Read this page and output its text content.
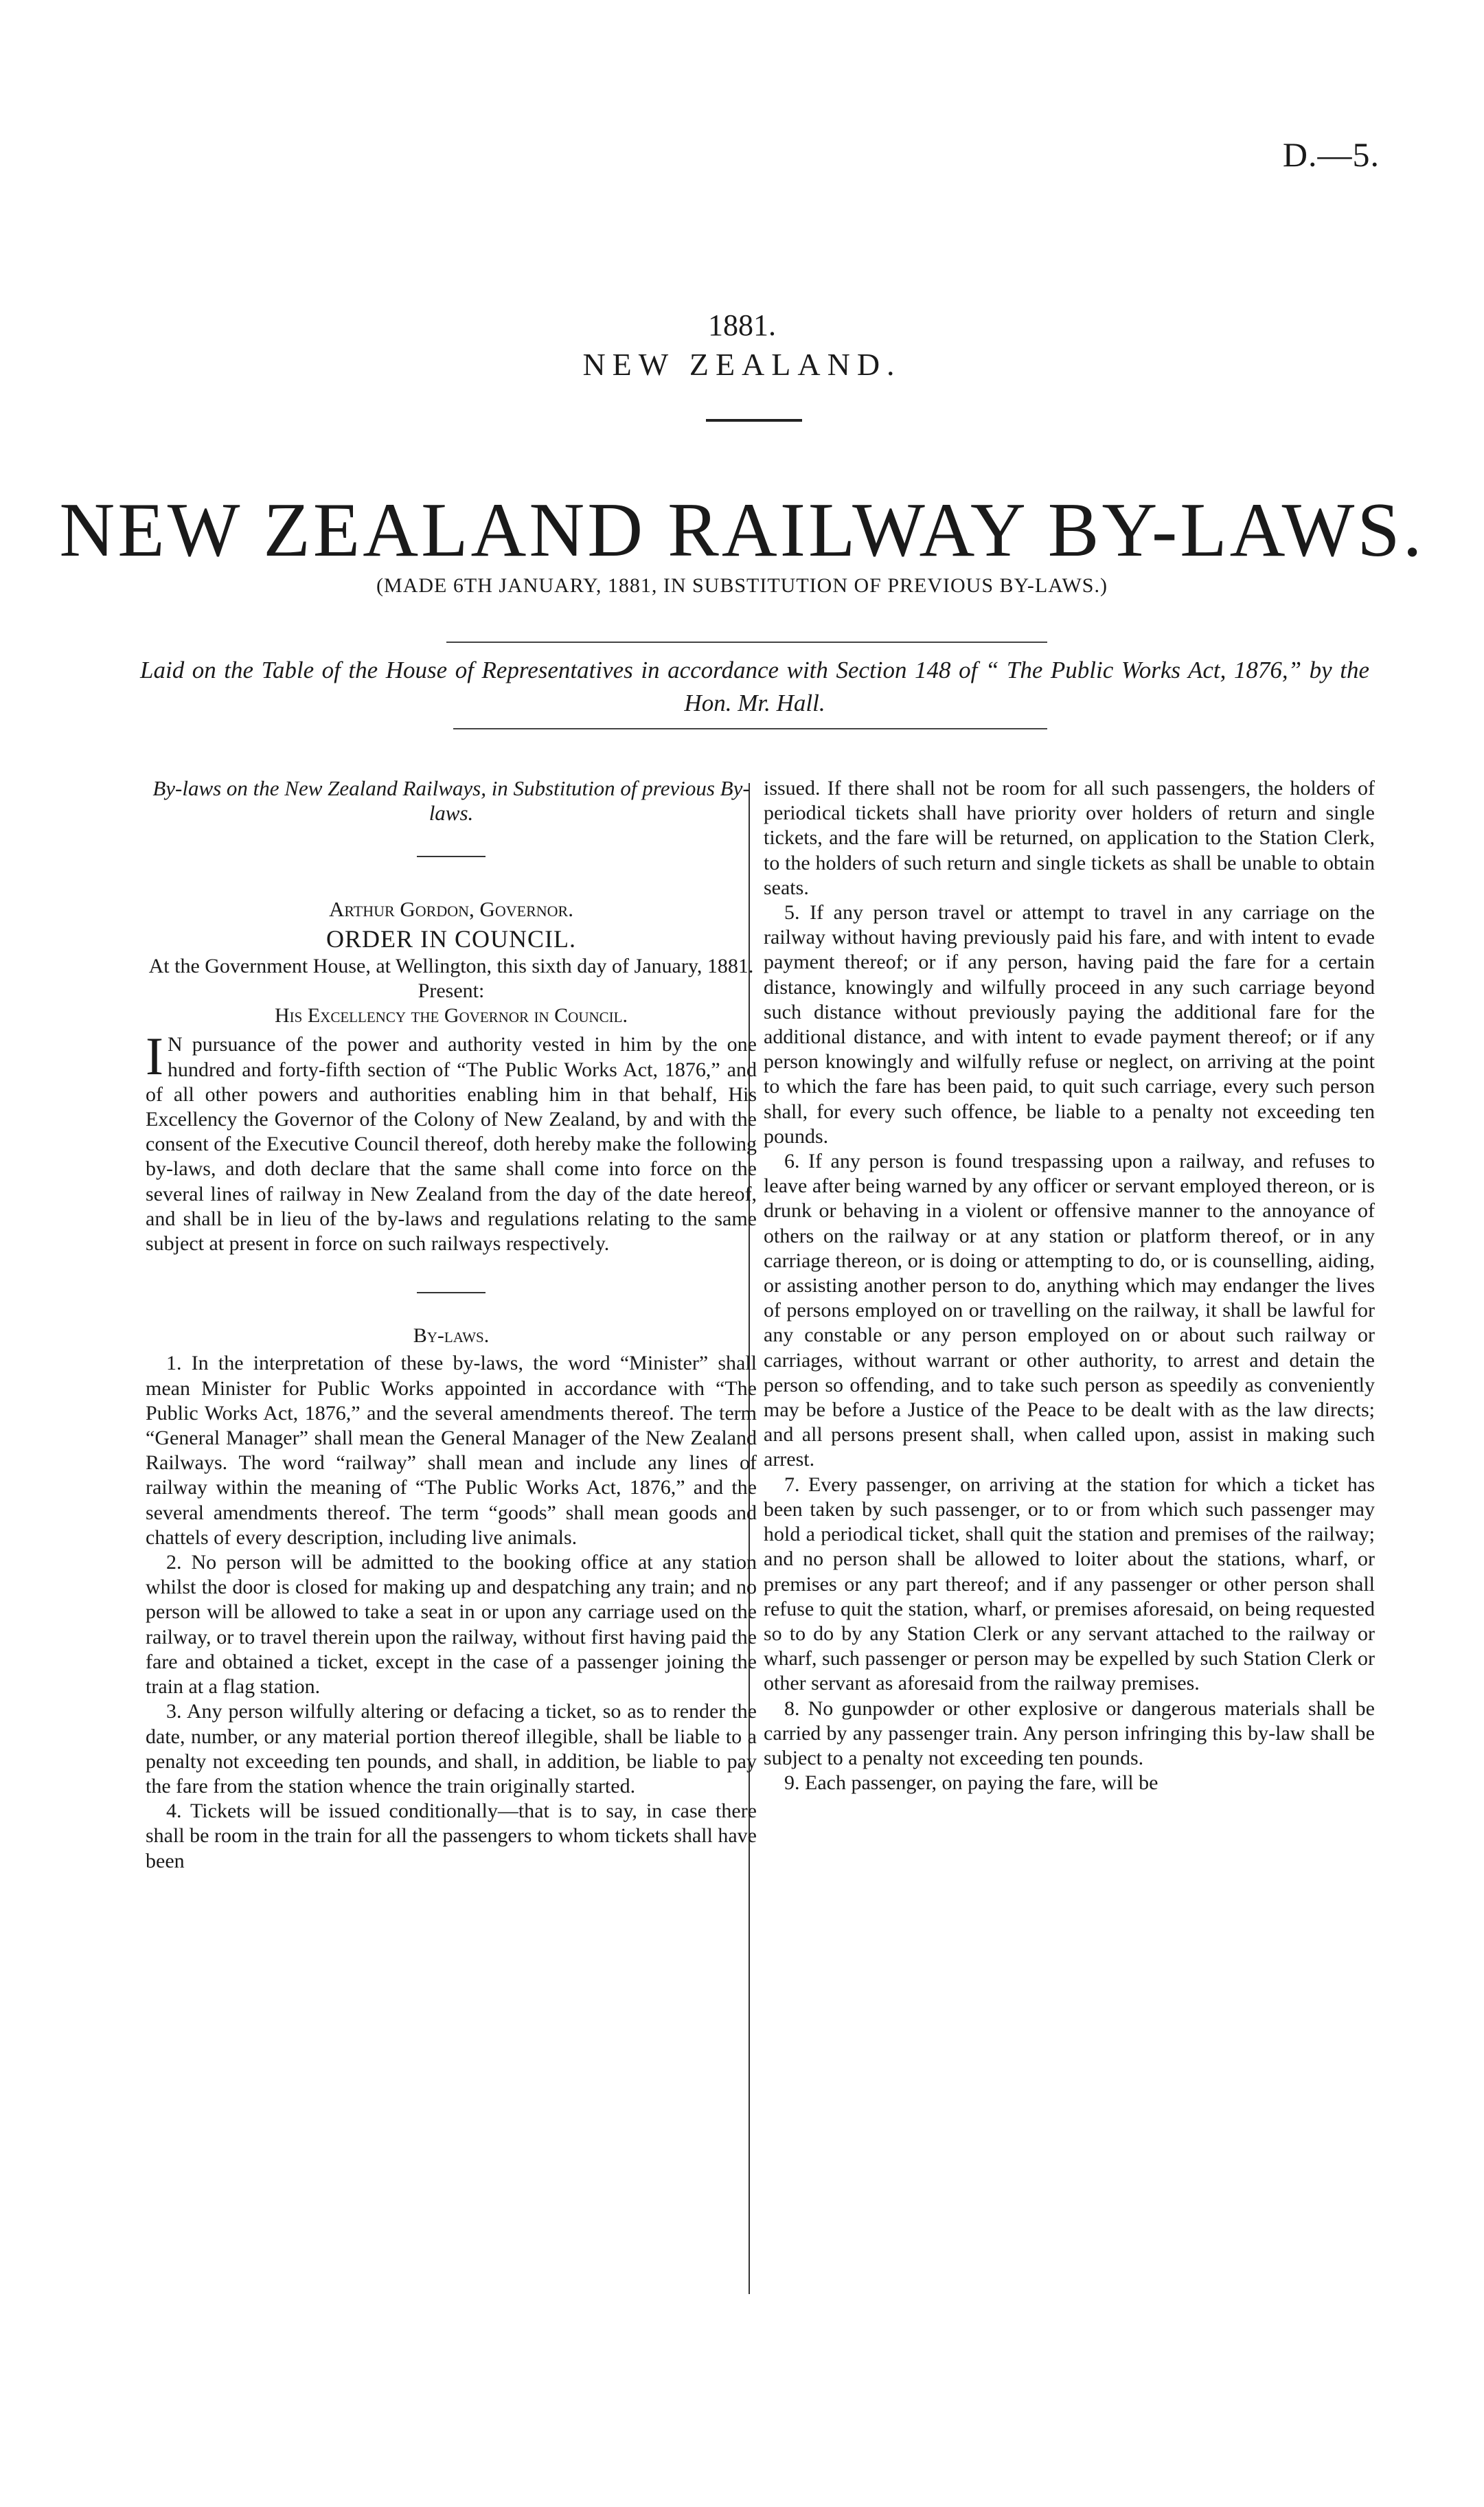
D.—5.
1881.
NEW ZEALAND.
NEW ZEALAND RAILWAY BY-LAWS.
(MADE 6TH JANUARY, 1881, IN SUBSTITUTION OF PREVIOUS BY-LAWS.)
Laid on the Table of the House of Representatives in accordance with Section 148 of “ The Public Works Act, 1876,” by the Hon. Mr. Hall.

By-laws on the New Zealand Railways, in Substitution of previous By-laws.

Arthur Gordon, Governor.

ORDER IN COUNCIL.

At the Government House, at Wellington, this sixth day of January, 1881.

Present:

His Excellency the Governor in Council.

IN pursuance of the power and authority vested in him by the one hundred and forty-fifth section of “The Public Works Act, 1876,” and of all other powers and authorities enabling him in that behalf, His Excellency the Governor of the Colony of New Zealand, by and with the consent of the Executive Council thereof, doth hereby make the following by-laws, and doth declare that the same shall come into force on the several lines of railway in New Zealand from the day of the date hereof, and shall be in lieu of the by-laws and regulations relating to the same subject at present in force on such railways respectively.

By-laws.

1. In the interpretation of these by-laws, the word “Minister” shall mean Minister for Public Works appointed in accordance with “The Public Works Act, 1876,” and the several amendments thereof. The term “General Manager” shall mean the General Manager of the New Zealand Railways. The word “railway” shall mean and include any lines of railway within the meaning of “The Public Works Act, 1876,” and the several amendments thereof. The term “goods” shall mean goods and chattels of every description, including live animals.

2. No person will be admitted to the booking office at any station whilst the door is closed for making up and despatching any train; and no person will be allowed to take a seat in or upon any carriage used on the railway, or to travel therein upon the railway, without first having paid the fare and obtained a ticket, except in the case of a passenger joining the train at a flag station.

3. Any person wilfully altering or defacing a ticket, so as to render the date, number, or any material portion thereof illegible, shall be liable to a penalty not exceeding ten pounds, and shall, in addition, be liable to pay the fare from the station whence the train originally started.

4. Tickets will be issued conditionally—that is to say, in case there shall be room in the train for all the passengers to whom tickets shall have been

issued. If there shall not be room for all such passengers, the holders of periodical tickets shall have priority over holders of return and single tickets, and the fare will be returned, on application to the Station Clerk, to the holders of such return and single tickets as shall be unable to obtain seats.

5. If any person travel or attempt to travel in any carriage on the railway without having previously paid his fare, and with intent to evade payment thereof; or if any person, having paid the fare for a certain distance, knowingly and wilfully proceed in any such carriage beyond such distance without previously paying the additional fare for the additional distance, and with intent to evade payment thereof; or if any person knowingly and wilfully refuse or neglect, on arriving at the point to which the fare has been paid, to quit such carriage, every such person shall, for every such offence, be liable to a penalty not exceeding ten pounds.

6. If any person is found trespassing upon a railway, and refuses to leave after being warned by any officer or servant employed thereon, or is drunk or behaving in a violent or offensive manner to the annoyance of others on the railway or at any station or platform thereof, or in any carriage thereon, or is doing or attempting to do, or is counselling, aiding, or assisting another person to do, anything which may endanger the lives of persons employed on or travelling on the railway, it shall be lawful for any constable or any person employed on or about such railway or carriages, without warrant or other authority, to arrest and detain the person so offending, and to take such person as speedily as conveniently may be before a Justice of the Peace to be dealt with as the law directs; and all persons present shall, when called upon, assist in making such arrest.

7. Every passenger, on arriving at the station for which a ticket has been taken by such passenger, or to or from which such passenger may hold a periodical ticket, shall quit the station and premises of the railway; and no person shall be allowed to loiter about the stations, wharf, or premises or any part thereof; and if any passenger or other person shall refuse to quit the station, wharf, or premises aforesaid, on being requested so to do by any Station Clerk or any servant attached to the railway or wharf, such passenger or person may be expelled by such Station Clerk or other servant as aforesaid from the railway premises.

8. No gunpowder or other explosive or dangerous materials shall be carried by any passenger train. Any person infringing this by-law shall be subject to a penalty not exceeding ten pounds.

9. Each passenger, on paying the fare, will be
